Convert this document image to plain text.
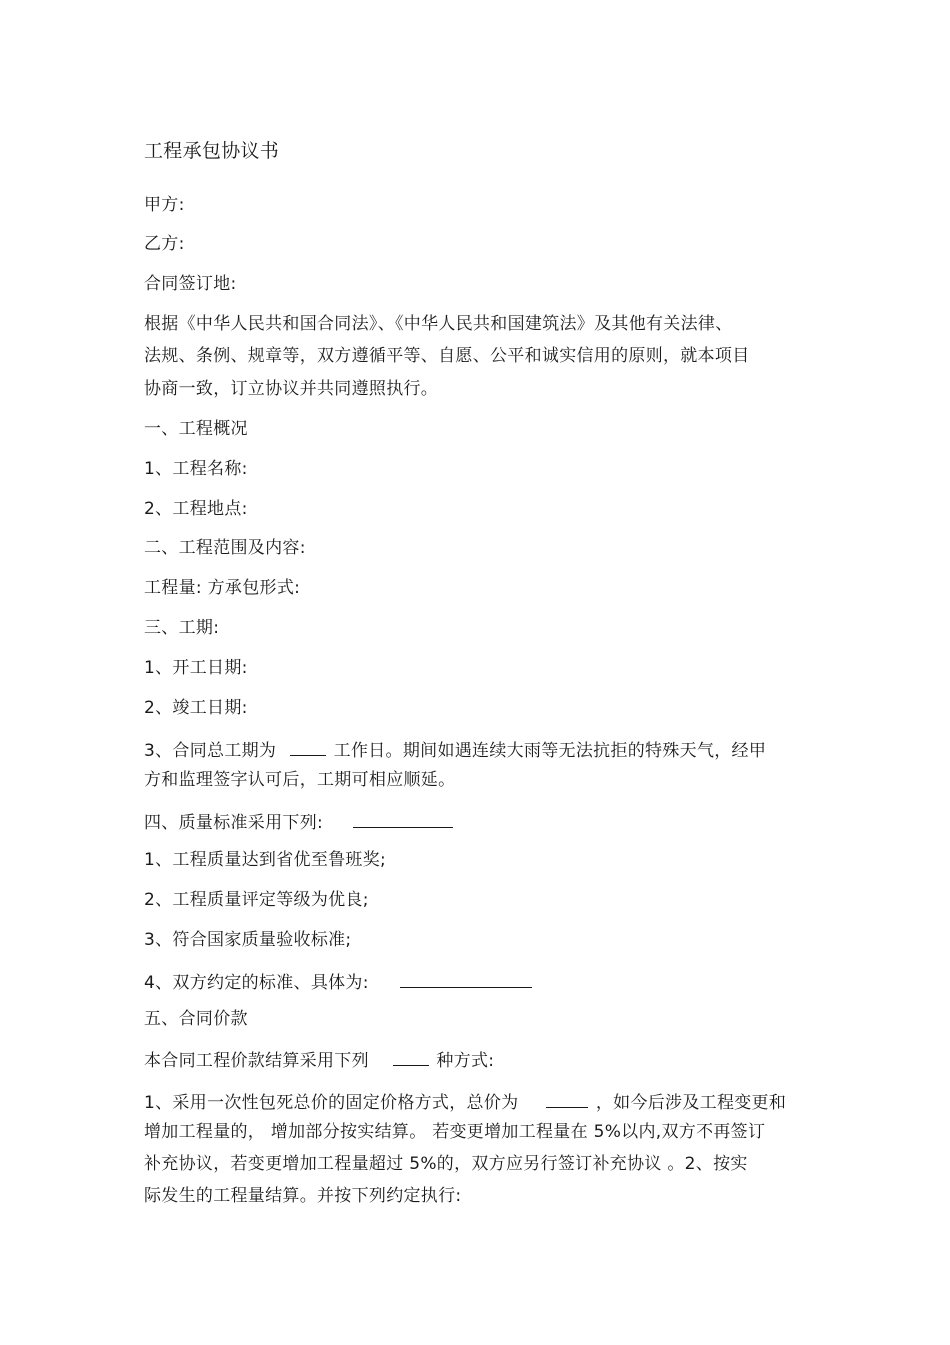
工程承包协议书
甲方:
乙方:
合同签订地:
根据《中华人民共和国合同法》、《中华人民共和国建筑法》及其他有关法律、
法规、条例、规章等，双方遵循平等、自愿、公平和诚实信用的原则，就本项目
协商一致，订立协议并共同遵照执行。
一、工程概况
1、工程名称:
2、工程地点:
二、工程范围及内容:
工程量: 方承包形式:
三、工期:
1、开工日期:
2、竣工日期:
3、合同总工期为	工作日。期间如遇连续大雨等无法抗拒的特殊天气，经甲
方和监理签字认可后，工期可相应顺延。
四、质量标准采用下列:
1、工程质量达到省优至鲁班奖;
2、工程质量评定等级为优良;
3、符合国家质量验收标准;
4、双方约定的标准、具体为:
五、合同价款
本合同工程价款结算采用下列	种方式:
1、采用一次性包死总价的固定价格方式，总价为	，如今后涉及工程变更和
增加工程量的， 增加部分按实结算。 若变更增加工程量在 5%以内,双方不再签订
补充协议，若变更增加工程量超过 5%的，双方应另行签订补充协议 。2、按实
际发生的工程量结算。并按下列约定执行:
